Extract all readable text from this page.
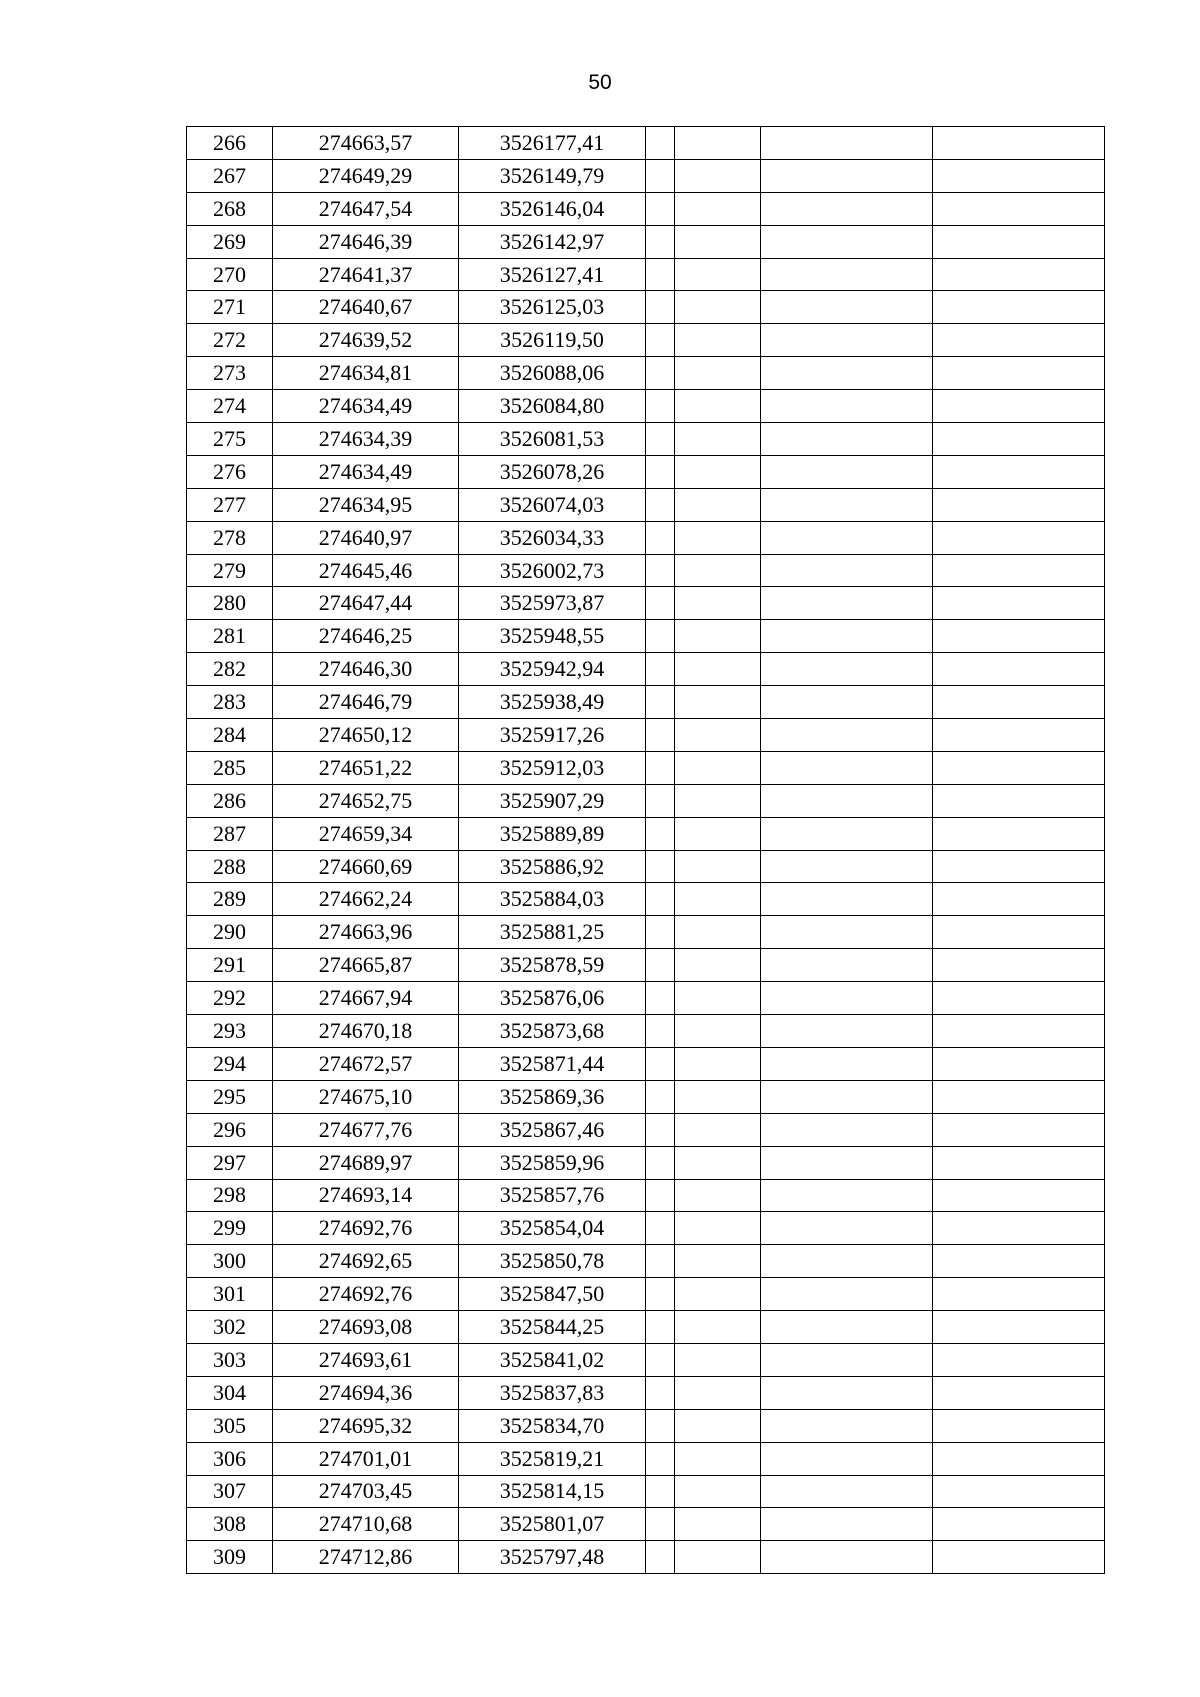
50
266	274663,57	3526177,41				
267	274649,29	3526149,79				
268	274647,54	3526146,04				
269	274646,39	3526142,97				
270	274641,37	3526127,41				
271	274640,67	3526125,03				
272	274639,52	3526119,50				
273	274634,81	3526088,06				
274	274634,49	3526084,80				
275	274634,39	3526081,53				
276	274634,49	3526078,26				
277	274634,95	3526074,03				
278	274640,97	3526034,33				
279	274645,46	3526002,73				
280	274647,44	3525973,87				
281	274646,25	3525948,55				
282	274646,30	3525942,94				
283	274646,79	3525938,49				
284	274650,12	3525917,26				
285	274651,22	3525912,03				
286	274652,75	3525907,29				
287	274659,34	3525889,89				
288	274660,69	3525886,92				
289	274662,24	3525884,03				
290	274663,96	3525881,25				
291	274665,87	3525878,59				
292	274667,94	3525876,06				
293	274670,18	3525873,68				
294	274672,57	3525871,44				
295	274675,10	3525869,36				
296	274677,76	3525867,46				
297	274689,97	3525859,96				
298	274693,14	3525857,76				
299	274692,76	3525854,04				
300	274692,65	3525850,78				
301	274692,76	3525847,50				
302	274693,08	3525844,25				
303	274693,61	3525841,02				
304	274694,36	3525837,83				
305	274695,32	3525834,70				
306	274701,01	3525819,21				
307	274703,45	3525814,15				
308	274710,68	3525801,07				
309	274712,86	3525797,48				
